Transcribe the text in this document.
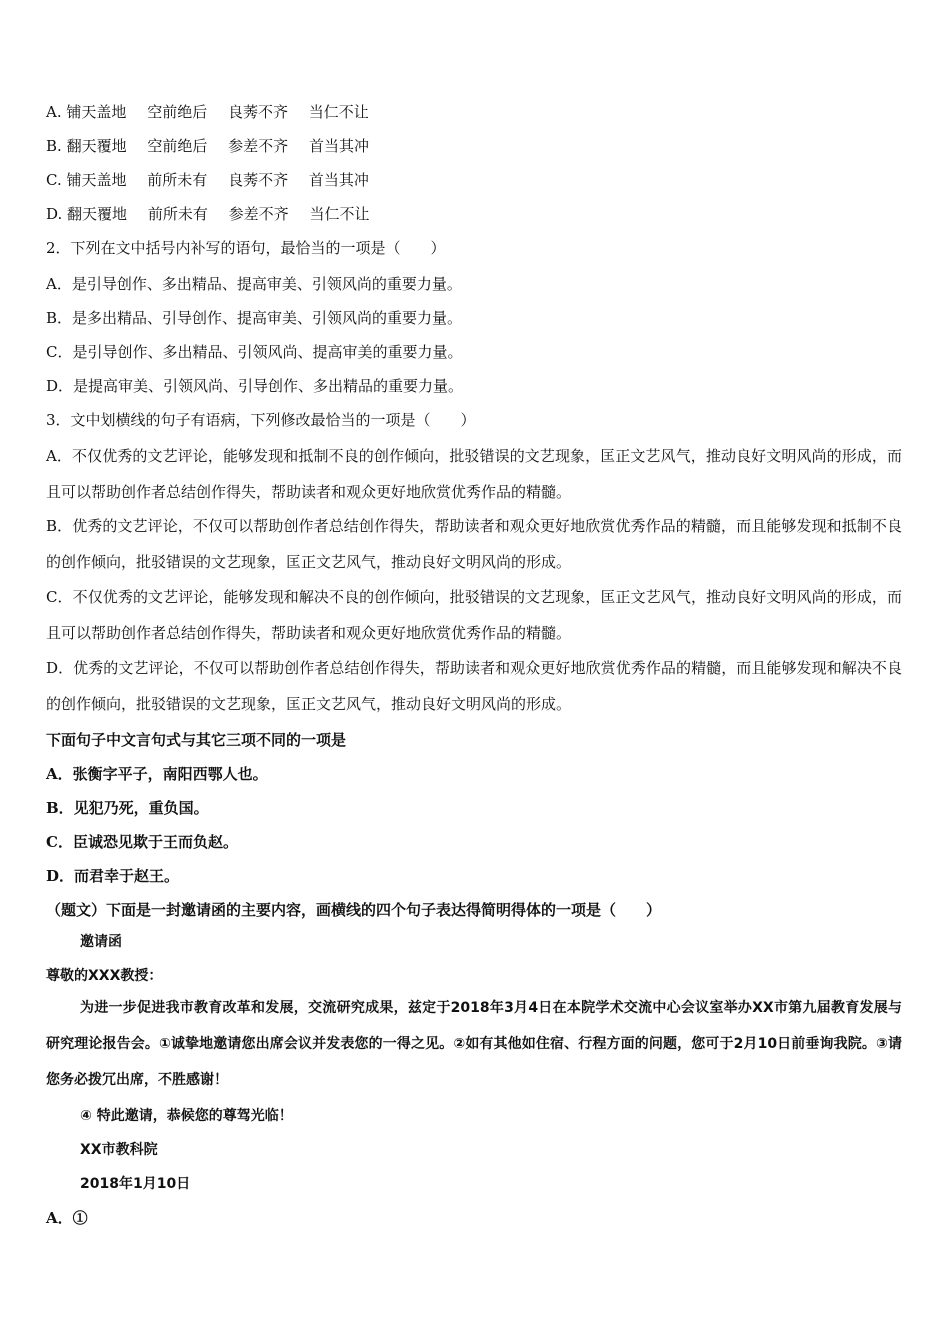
A. 铺天盖地 空前绝后 良莠不齐 当仁不让
B. 翻天覆地 空前绝后 参差不齐 首当其冲
C. 铺天盖地 前所未有 良莠不齐 首当其冲
D. 翻天覆地 前所未有 参差不齐 当仁不让
2．下列在文中括号内补写的语句，最恰当的一项是（　　）
A．是引导创作、多出精品、提高审美、引领风尚的重要力量。
B．是多出精品、引导创作、提高审美、引领风尚的重要力量。
C．是引导创作、多出精品、引领风尚、提高审美的重要力量。
D．是提高审美、引领风尚、引导创作、多出精品的重要力量。
3．文中划横线的句子有语病，下列修改最恰当的一项是（　　）
A．不仅优秀的文艺评论，能够发现和抵制不良的创作倾向，批驳错误的文艺现象，匡正文艺风气，推动良好文明风尚的形成，而且可以帮助创作者总结创作得失，帮助读者和观众更好地欣赏优秀作品的精髓。
B．优秀的文艺评论，不仅可以帮助创作者总结创作得失，帮助读者和观众更好地欣赏优秀作品的精髓，而且能够发现和抵制不良的创作倾向，批驳错误的文艺现象，匡正文艺风气，推动良好文明风尚的形成。
C．不仅优秀的文艺评论，能够发现和解决不良的创作倾向，批驳错误的文艺现象，匡正文艺风气，推动良好文明风尚的形成，而且可以帮助创作者总结创作得失，帮助读者和观众更好地欣赏优秀作品的精髓。
D．优秀的文艺评论，不仅可以帮助创作者总结创作得失，帮助读者和观众更好地欣赏优秀作品的精髓，而且能够发现和解决不良的创作倾向，批驳错误的文艺现象，匡正文艺风气，推动良好文明风尚的形成。
下面句子中文言句式与其它三项不同的一项是
A．张衡字平子，南阳西鄂人也。
B．见犯乃死，重负国。
C．臣诚恐见欺于王而负赵。
D．而君幸于赵王。
（题文）下面是一封邀请函的主要内容，画横线的四个句子表达得简明得体的一项是（　　）
邀请函
尊敬的XXX教授：
为进一步促进我市教育改革和发展，交流研究成果，兹定于2018年3月4日在本院学术交流中心会议室举办XX市第九届教育发展与研究理论报告会。①诚挚地邀请您出席会议并发表您的一得之见。②如有其他如住宿、行程方面的问题，您可于2月10日前垂询我院。③请您务必拨冗出席，不胜感谢！
④ 特此邀请，恭候您的尊驾光临！
XX市教科院
2018年1月10日
A．①
